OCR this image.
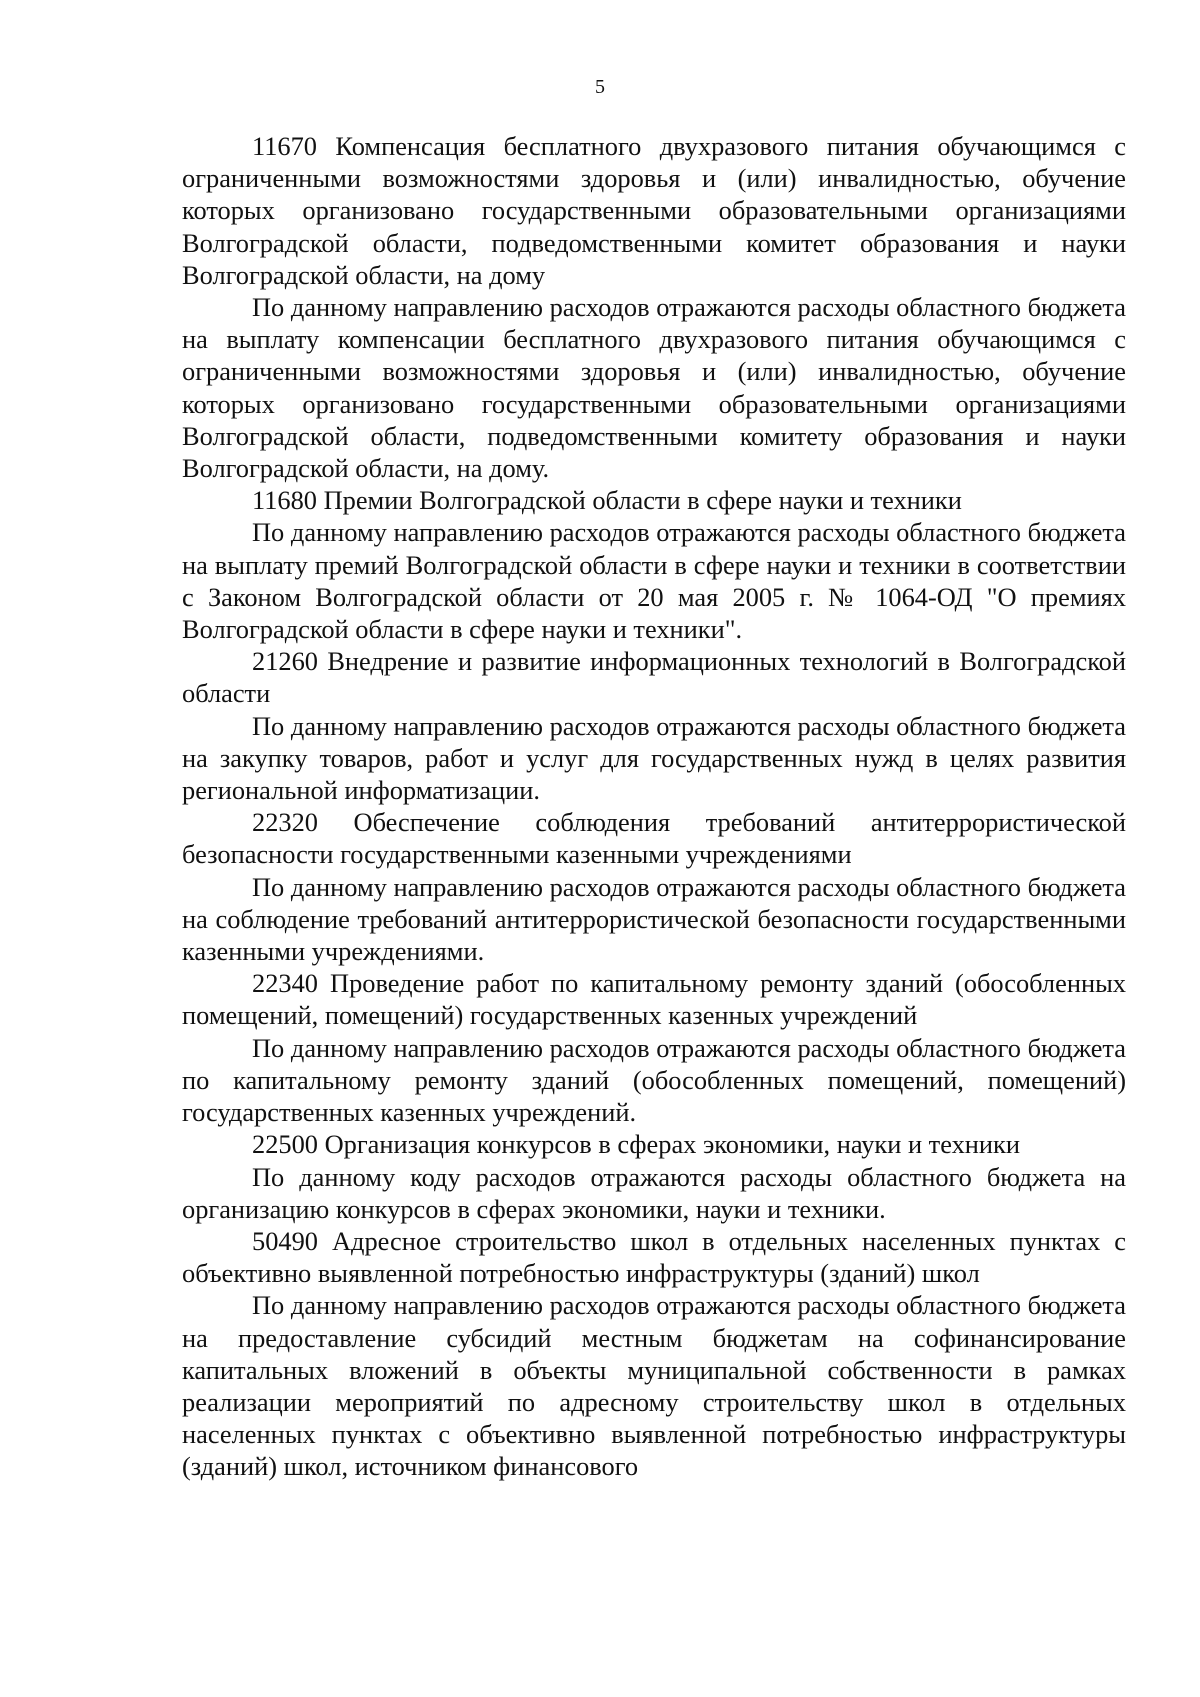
5

11670 Компенсация бесплатного двухразового питания обучающимся с ограниченными возможностями здоровья и (или) инвалидностью, обучение которых организовано государственными образовательными организациями Волгоградской области, подведомственными комитет образования и науки Волгоградской области, на дому

По данному направлению расходов отражаются расходы областного бюджета на выплату компенсации бесплатного двухразового питания обучающимся с ограниченными возможностями здоровья и (или) инвалидностью, обучение которых организовано государственными образовательными организациями Волгоградской области, подведомственными комитету образования и науки Волгоградской области, на дому.

11680 Премии Волгоградской области в сфере науки и техники

По данному направлению расходов отражаются расходы областного бюджета на выплату премий Волгоградской области в сфере науки и техники в соответствии с Законом Волгоградской области от 20 мая 2005 г. № 1064-ОД "О премиях Волгоградской области в сфере науки и техники".

21260 Внедрение и развитие информационных технологий в Волгоградской области

По данному направлению расходов отражаются расходы областного бюджета на закупку товаров, работ и услуг для государственных нужд в целях развития региональной информатизации.

22320 Обеспечение соблюдения требований антитеррористической безопасности государственными казенными учреждениями

По данному направлению расходов отражаются расходы областного бюджета на соблюдение требований антитеррористической безопасности государственными казенными учреждениями.

22340 Проведение работ по капитальному ремонту зданий (обособленных помещений, помещений) государственных казенных учреждений

По данному направлению расходов отражаются расходы областного бюджета по капитальному ремонту зданий (обособленных помещений, помещений) государственных казенных учреждений.

22500 Организация конкурсов в сферах экономики, науки и техники

По данному коду расходов отражаются расходы областного бюджета на организацию конкурсов в сферах экономики, науки и техники.

50490 Адресное строительство школ в отдельных населенных пунктах с объективно выявленной потребностью инфраструктуры (зданий) школ

По данному направлению расходов отражаются расходы областного бюджета на предоставление субсидий местным бюджетам на софинансирование капитальных вложений в объекты муниципальной собственности в рамках реализации мероприятий по адресному строительству школ в отдельных населенных пунктах с объективно выявленной потребностью инфраструктуры (зданий) школ, источником финансового
